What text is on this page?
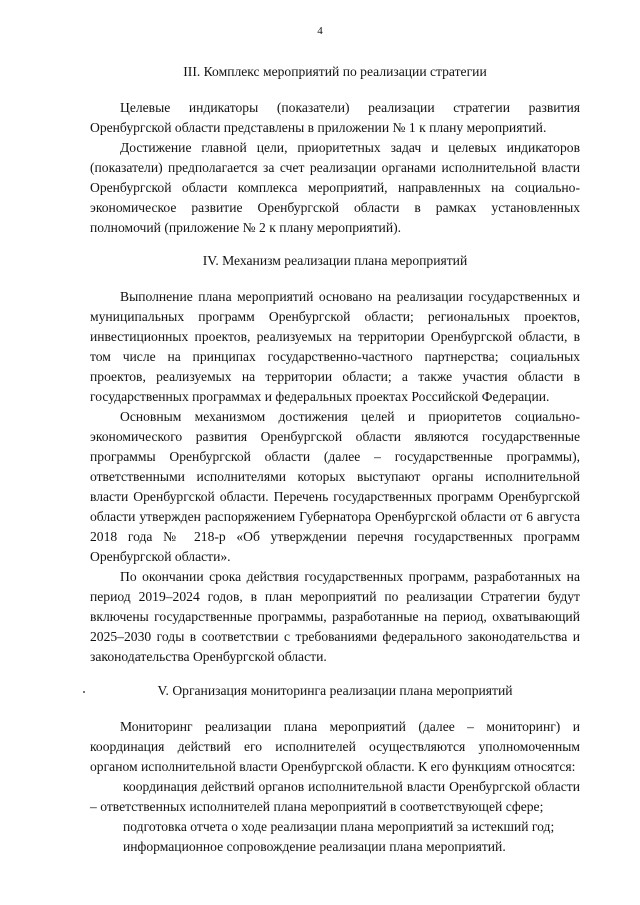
4
III. Комплекс мероприятий по реализации стратегии

Целевые индикаторы (показатели) реализации стратегии развития Оренбургской области представлены в приложении № 1 к плану мероприятий.

Достижение главной цели, приоритетных задач и целевых индикаторов (показатели) предполагается за счет реализации органами исполнительной власти Оренбургской области комплекса мероприятий, направленных на социально-экономическое развитие Оренбургской области в рамках установленных полномочий (приложение № 2 к плану мероприятий).

IV. Механизм реализации плана мероприятий

Выполнение плана мероприятий основано на реализации государственных и муниципальных программ Оренбургской области; региональных проектов, инвестиционных проектов, реализуемых на территории Оренбургской области, в том числе на принципах государственно-частного партнерства; социальных проектов, реализуемых на территории области; а также участия области в государственных программах и федеральных проектах Российской Федерации.

Основным механизмом достижения целей и приоритетов социально-экономического развития Оренбургской области являются государственные программы Оренбургской области (далее – государственные программы), ответственными исполнителями которых выступают органы исполнительной власти Оренбургской области. Перечень государственных программ Оренбургской области утвержден распоряжением Губернатора Оренбургской области от 6 августа 2018 года № 218-р «Об утверждении перечня государственных программ Оренбургской области».

По окончании срока действия государственных программ, разработанных на период 2019–2024 годов, в план мероприятий по реализации Стратегии будут включены государственные программы, разработанные на период, охватывающий 2025–2030 годы в соответствии с требованиями федерального законодательства и законодательства Оренбургской области.

V. Организация мониторинга реализации плана мероприятий

Мониторинг реализации плана мероприятий (далее – мониторинг) и координация действий его исполнителей осуществляются уполномоченным органом исполнительной власти Оренбургской области. К его функциям относятся:

координация действий органов исполнительной власти Оренбургской области – ответственных исполнителей плана мероприятий в соответствующей сфере;

подготовка отчета о ходе реализации плана мероприятий за истекший год;

информационное сопровождение реализации плана мероприятий.
